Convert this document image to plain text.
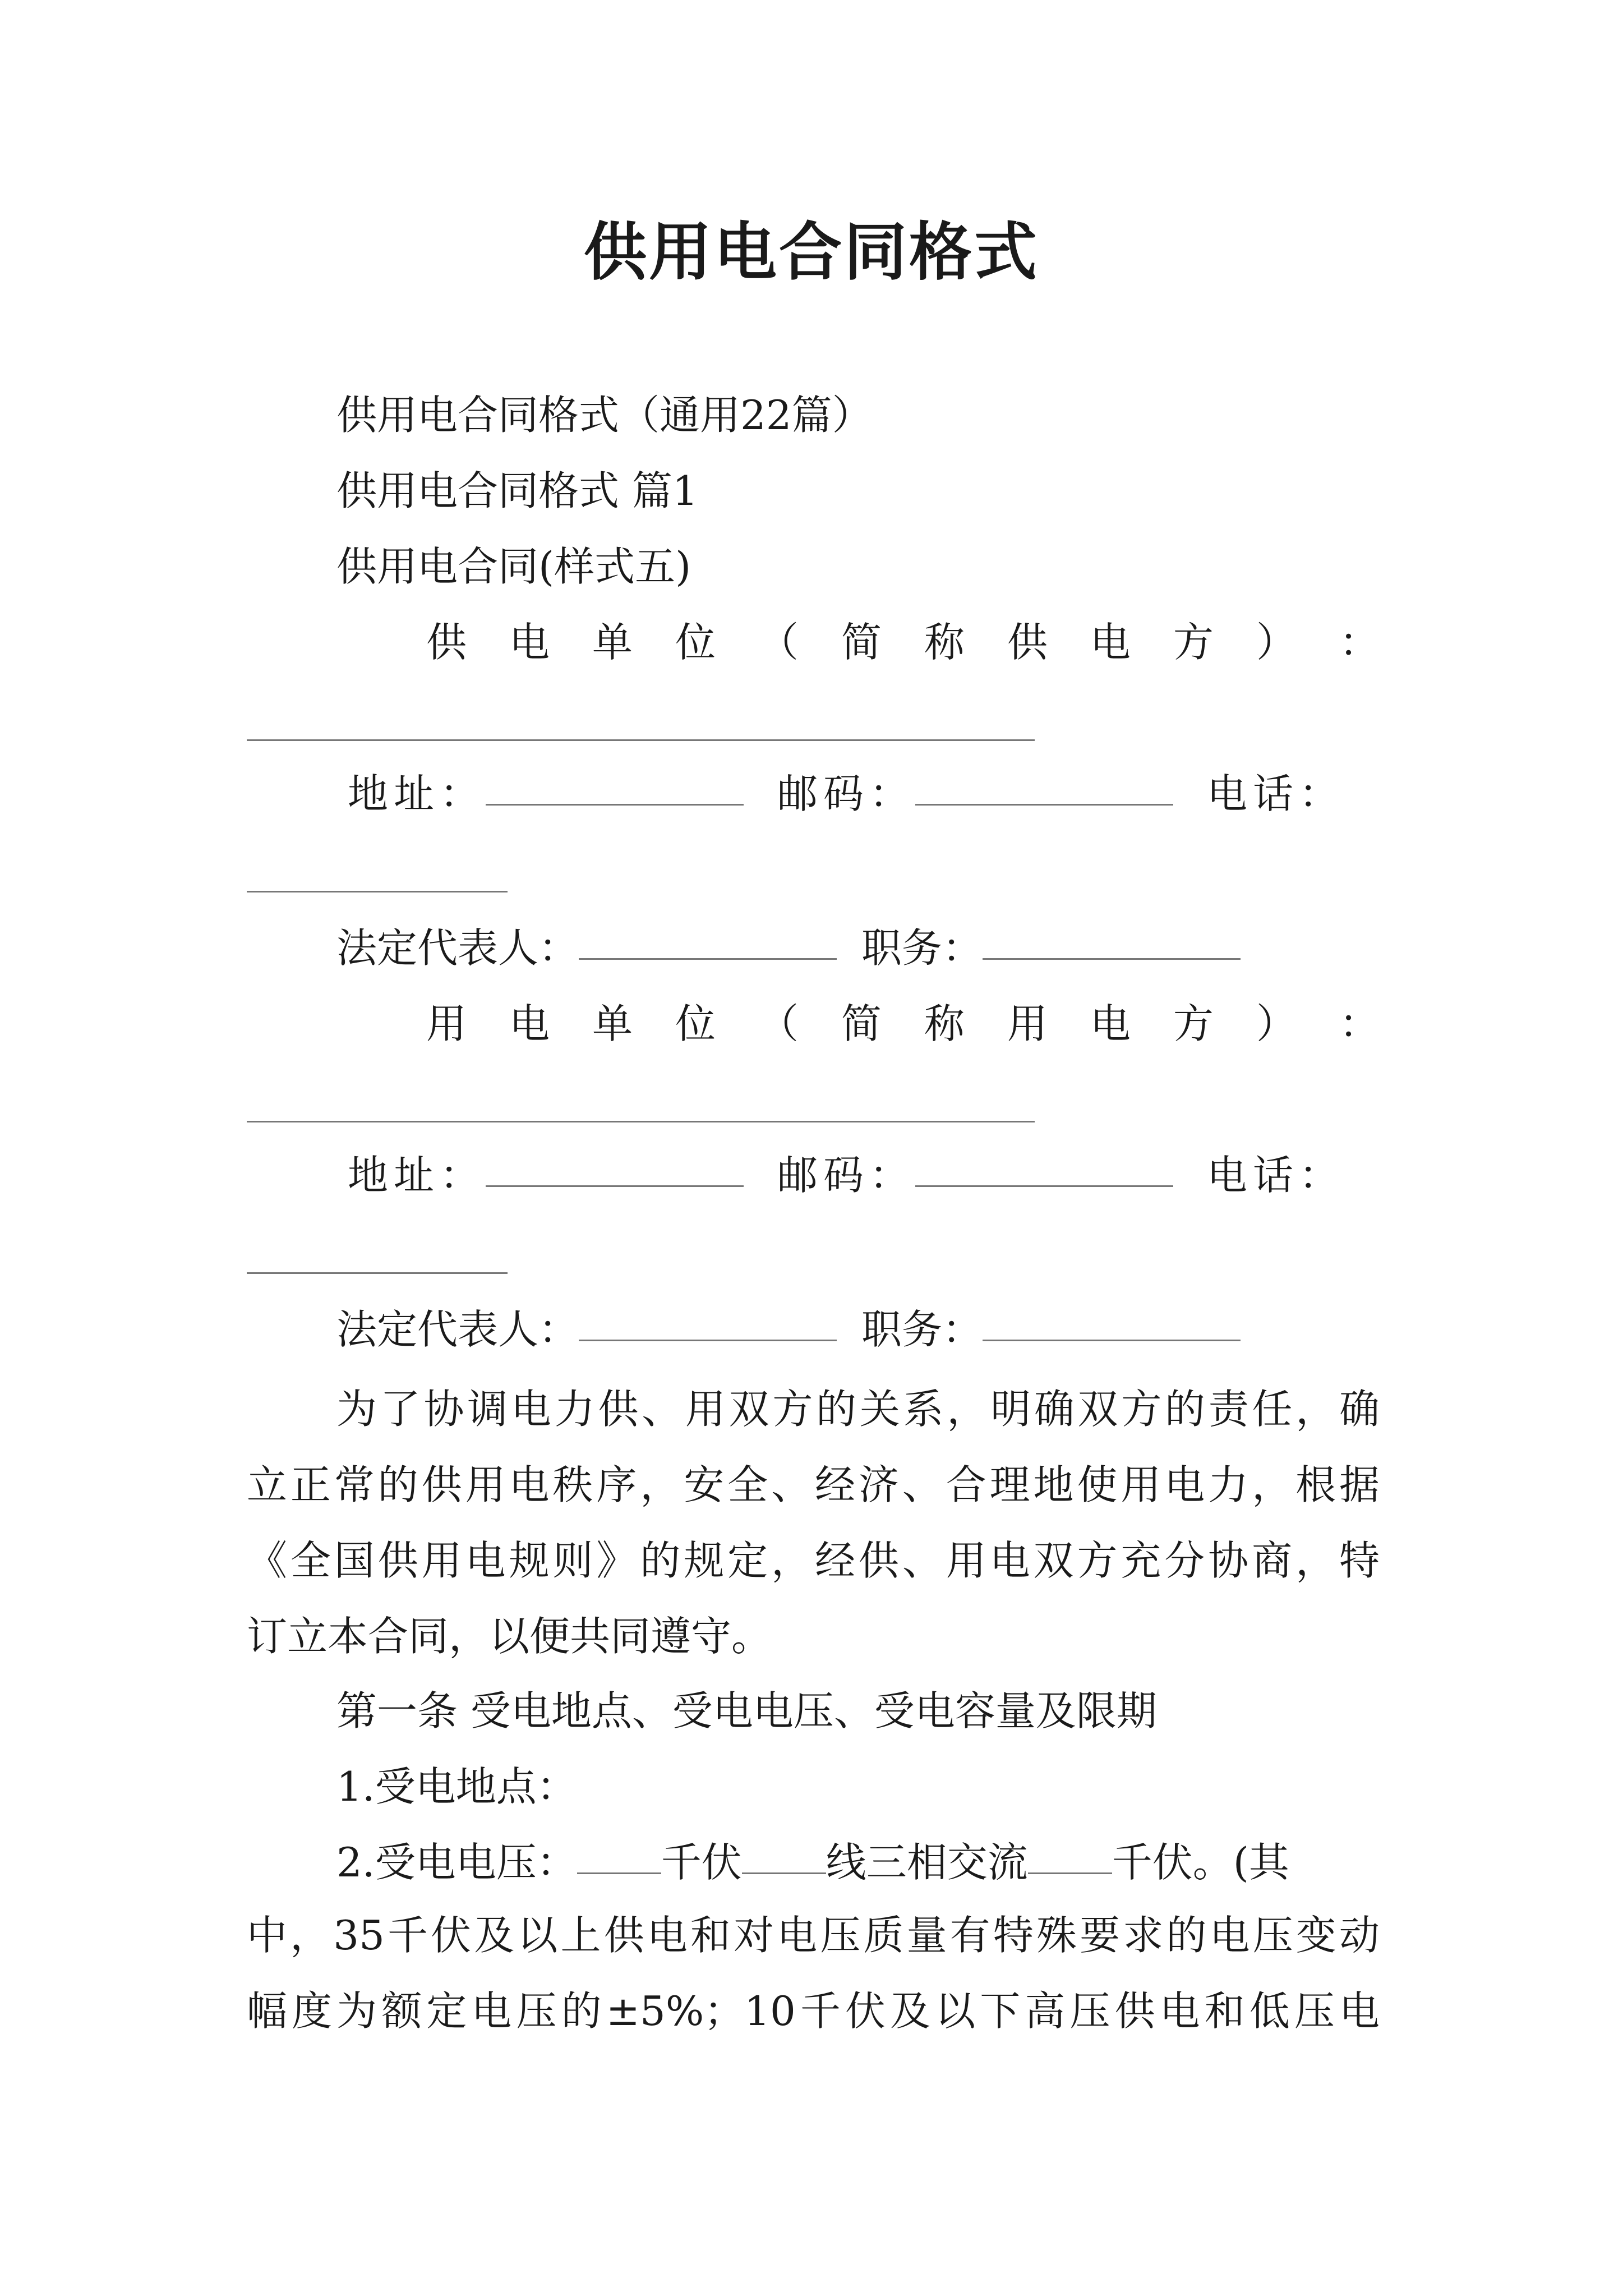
供用电合同格式
供用电合同格式（通用22篇）
供用电合同格式 篇1
供用电合同(样式五)
供 电 单 位 （ 简 称 供 电 方 ） ：
地址：	邮码：	电话：
法定代表人：	职务：
用 电 单 位 （ 简 称 用 电 方 ） ：
地址：	邮码：	电话：
法定代表人：	职务：
为了协调电力供、用双方的关系，明确双方的责任，确
立正常的供用电秩序，安全、经济、合理地使用电力，根据
《全国供用电规则》的规定，经供、用电双方充分协商，特
订立本合同，以便共同遵守。
第一条 受电地点、受电电压、受电容量及限期
1.受电地点：
2.受电电压： 千伏 线三相交流 千伏。(其
中，35千伏及以上供电和对电压质量有特殊要求的电压变动
幅度为额定电压的±5%；10千伏及以下高压供电和低压电
